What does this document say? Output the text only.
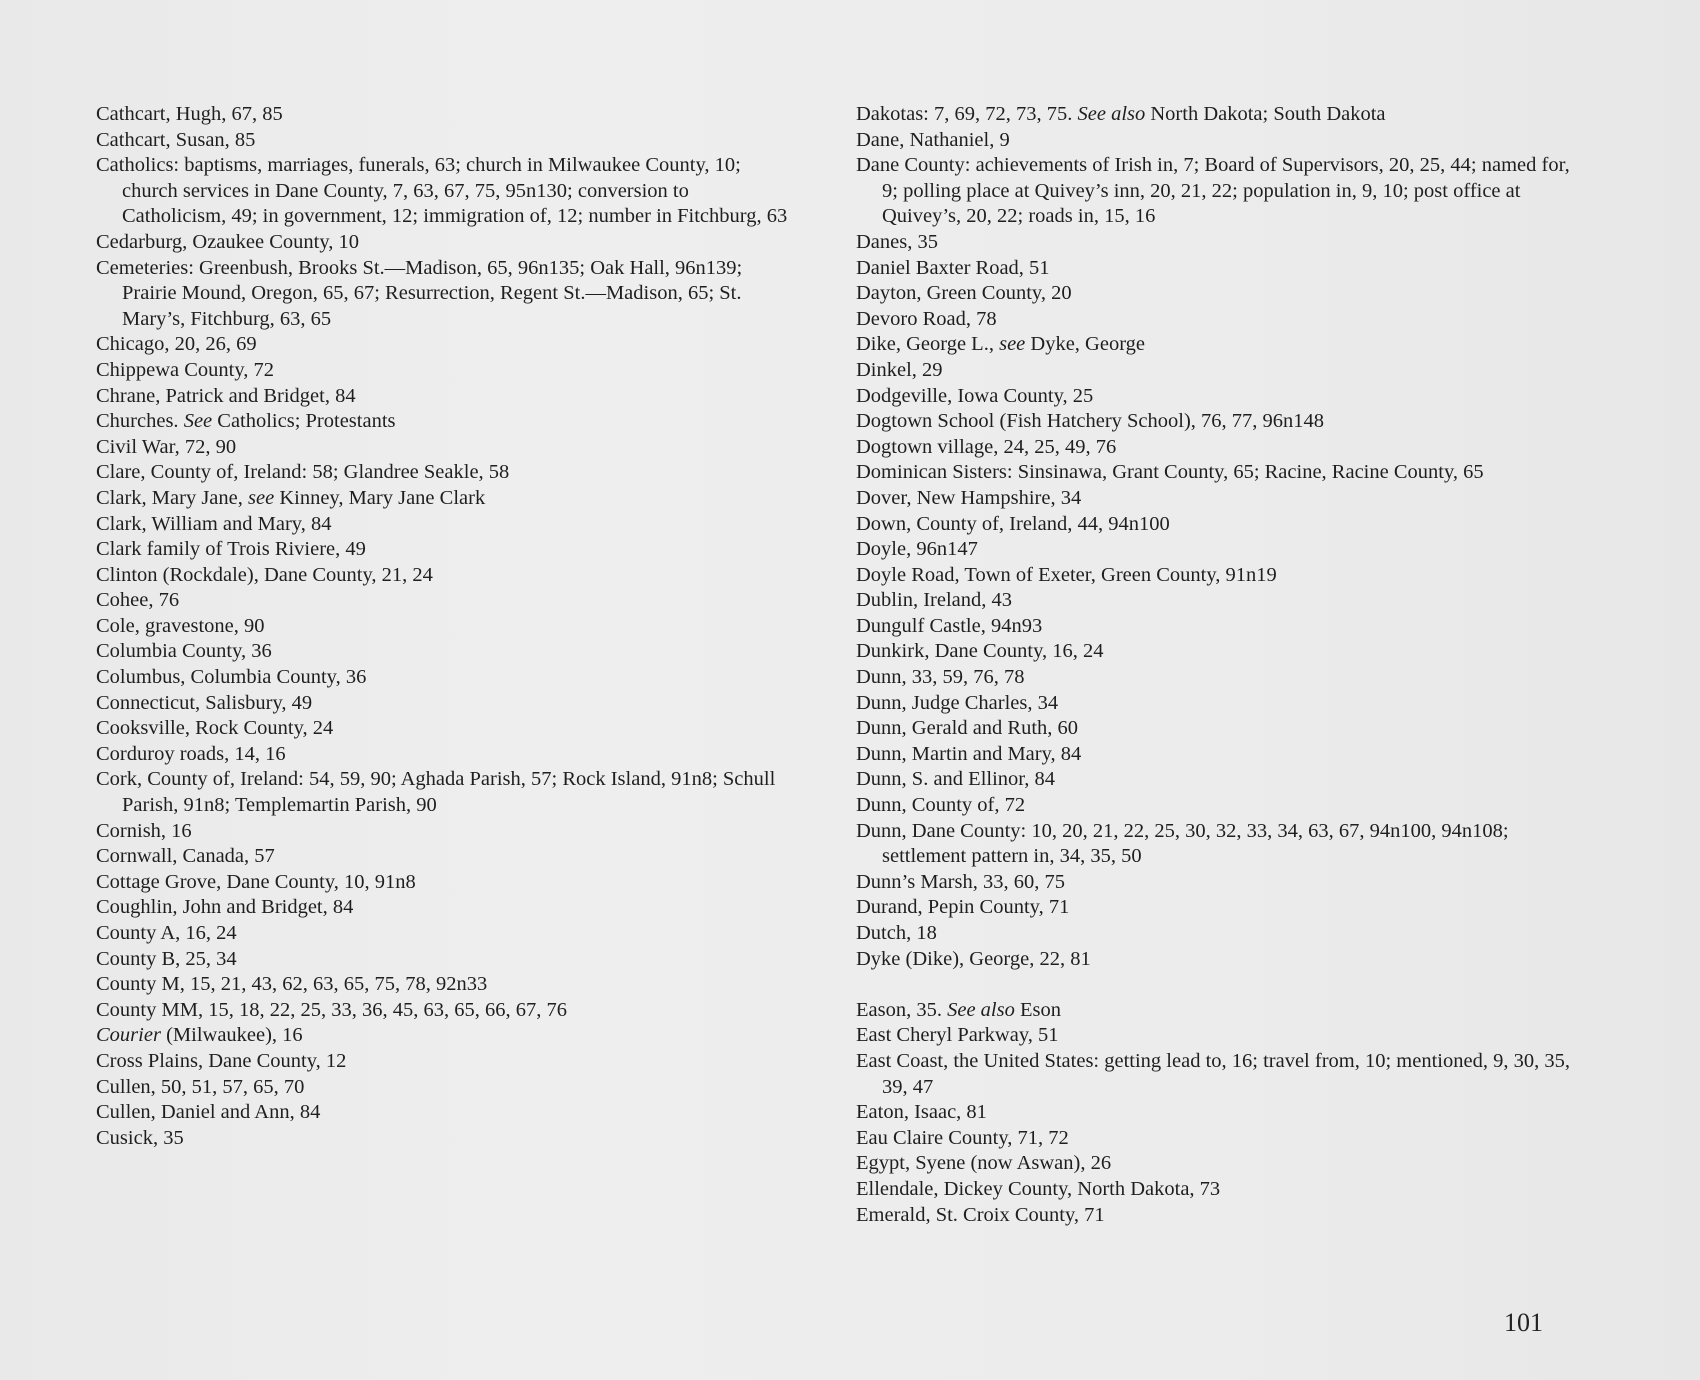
Cathcart, Hugh, 67, 85

Cathcart, Susan, 85

Catholics: baptisms, marriages, funerals, 63; church in Milwaukee County, 10; church services in Dane County, 7, 63, 67, 75, 95n130; conversion to Catholicism, 49; in government, 12; immigration of, 12; number in Fitchburg, 63

Cedarburg, Ozaukee County, 10

Cemeteries: Greenbush, Brooks St.—Madison, 65, 96n135; Oak Hall, 96n139; Prairie Mound, Oregon, 65, 67; Resurrection, Regent St.—Madison, 65; St. Mary’s, Fitchburg, 63, 65

Chicago, 20, 26, 69

Chippewa County, 72

Chrane, Patrick and Bridget, 84

Churches. See Catholics; Protestants

Civil War, 72, 90

Clare, County of, Ireland: 58; Glandree Seakle, 58

Clark, Mary Jane, see Kinney, Mary Jane Clark

Clark, William and Mary, 84

Clark family of Trois Riviere, 49

Clinton (Rockdale), Dane County, 21, 24

Cohee, 76

Cole, gravestone, 90

Columbia County, 36

Columbus, Columbia County, 36

Connecticut, Salisbury, 49

Cooksville, Rock County, 24

Corduroy roads, 14, 16

Cork, County of, Ireland: 54, 59, 90; Aghada Parish, 57; Rock Island, 91n8; Schull Parish, 91n8; Templemartin Parish, 90

Cornish, 16

Cornwall, Canada, 57

Cottage Grove, Dane County, 10, 91n8

Coughlin, John and Bridget, 84

County A, 16, 24

County B, 25, 34

County M, 15, 21, 43, 62, 63, 65, 75, 78, 92n33

County MM, 15, 18, 22, 25, 33, 36, 45, 63, 65, 66, 67, 76

Courier (Milwaukee), 16

Cross Plains, Dane County, 12

Cullen, 50, 51, 57, 65, 70

Cullen, Daniel and Ann, 84

Cusick, 35

Dakotas: 7, 69, 72, 73, 75. See also North Dakota; South Dakota

Dane, Nathaniel, 9

Dane County: achievements of Irish in, 7; Board of Supervisors, 20, 25, 44; named for, 9; polling place at Quivey’s inn, 20, 21, 22; population in, 9, 10; post office at Quivey’s, 20, 22; roads in, 15, 16

Danes, 35

Daniel Baxter Road, 51

Dayton, Green County, 20

Devoro Road, 78

Dike, George L., see Dyke, George

Dinkel, 29

Dodgeville, Iowa County, 25

Dogtown School (Fish Hatchery School), 76, 77, 96n148

Dogtown village, 24, 25, 49, 76

Dominican Sisters: Sinsinawa, Grant County, 65; Racine, Racine County, 65

Dover, New Hampshire, 34

Down, County of, Ireland, 44, 94n100

Doyle, 96n147

Doyle Road, Town of Exeter, Green County, 91n19

Dublin, Ireland, 43

Dungulf Castle, 94n93

Dunkirk, Dane County, 16, 24

Dunn, 33, 59, 76, 78

Dunn, Judge Charles, 34

Dunn, Gerald and Ruth, 60

Dunn, Martin and Mary, 84

Dunn, S. and Ellinor, 84

Dunn, County of, 72

Dunn, Dane County: 10, 20, 21, 22, 25, 30, 32, 33, 34, 63, 67, 94n100, 94n108; settlement pattern in, 34, 35, 50

Dunn’s Marsh, 33, 60, 75

Durand, Pepin County, 71

Dutch, 18

Dyke (Dike), George, 22, 81

Eason, 35. See also Eson

East Cheryl Parkway, 51

East Coast, the United States: getting lead to, 16; travel from, 10; mentioned, 9, 30, 35, 39, 47

Eaton, Isaac, 81

Eau Claire County, 71, 72

Egypt, Syene (now Aswan), 26

Ellendale, Dickey County, North Dakota, 73

Emerald, St. Croix County, 71

101
